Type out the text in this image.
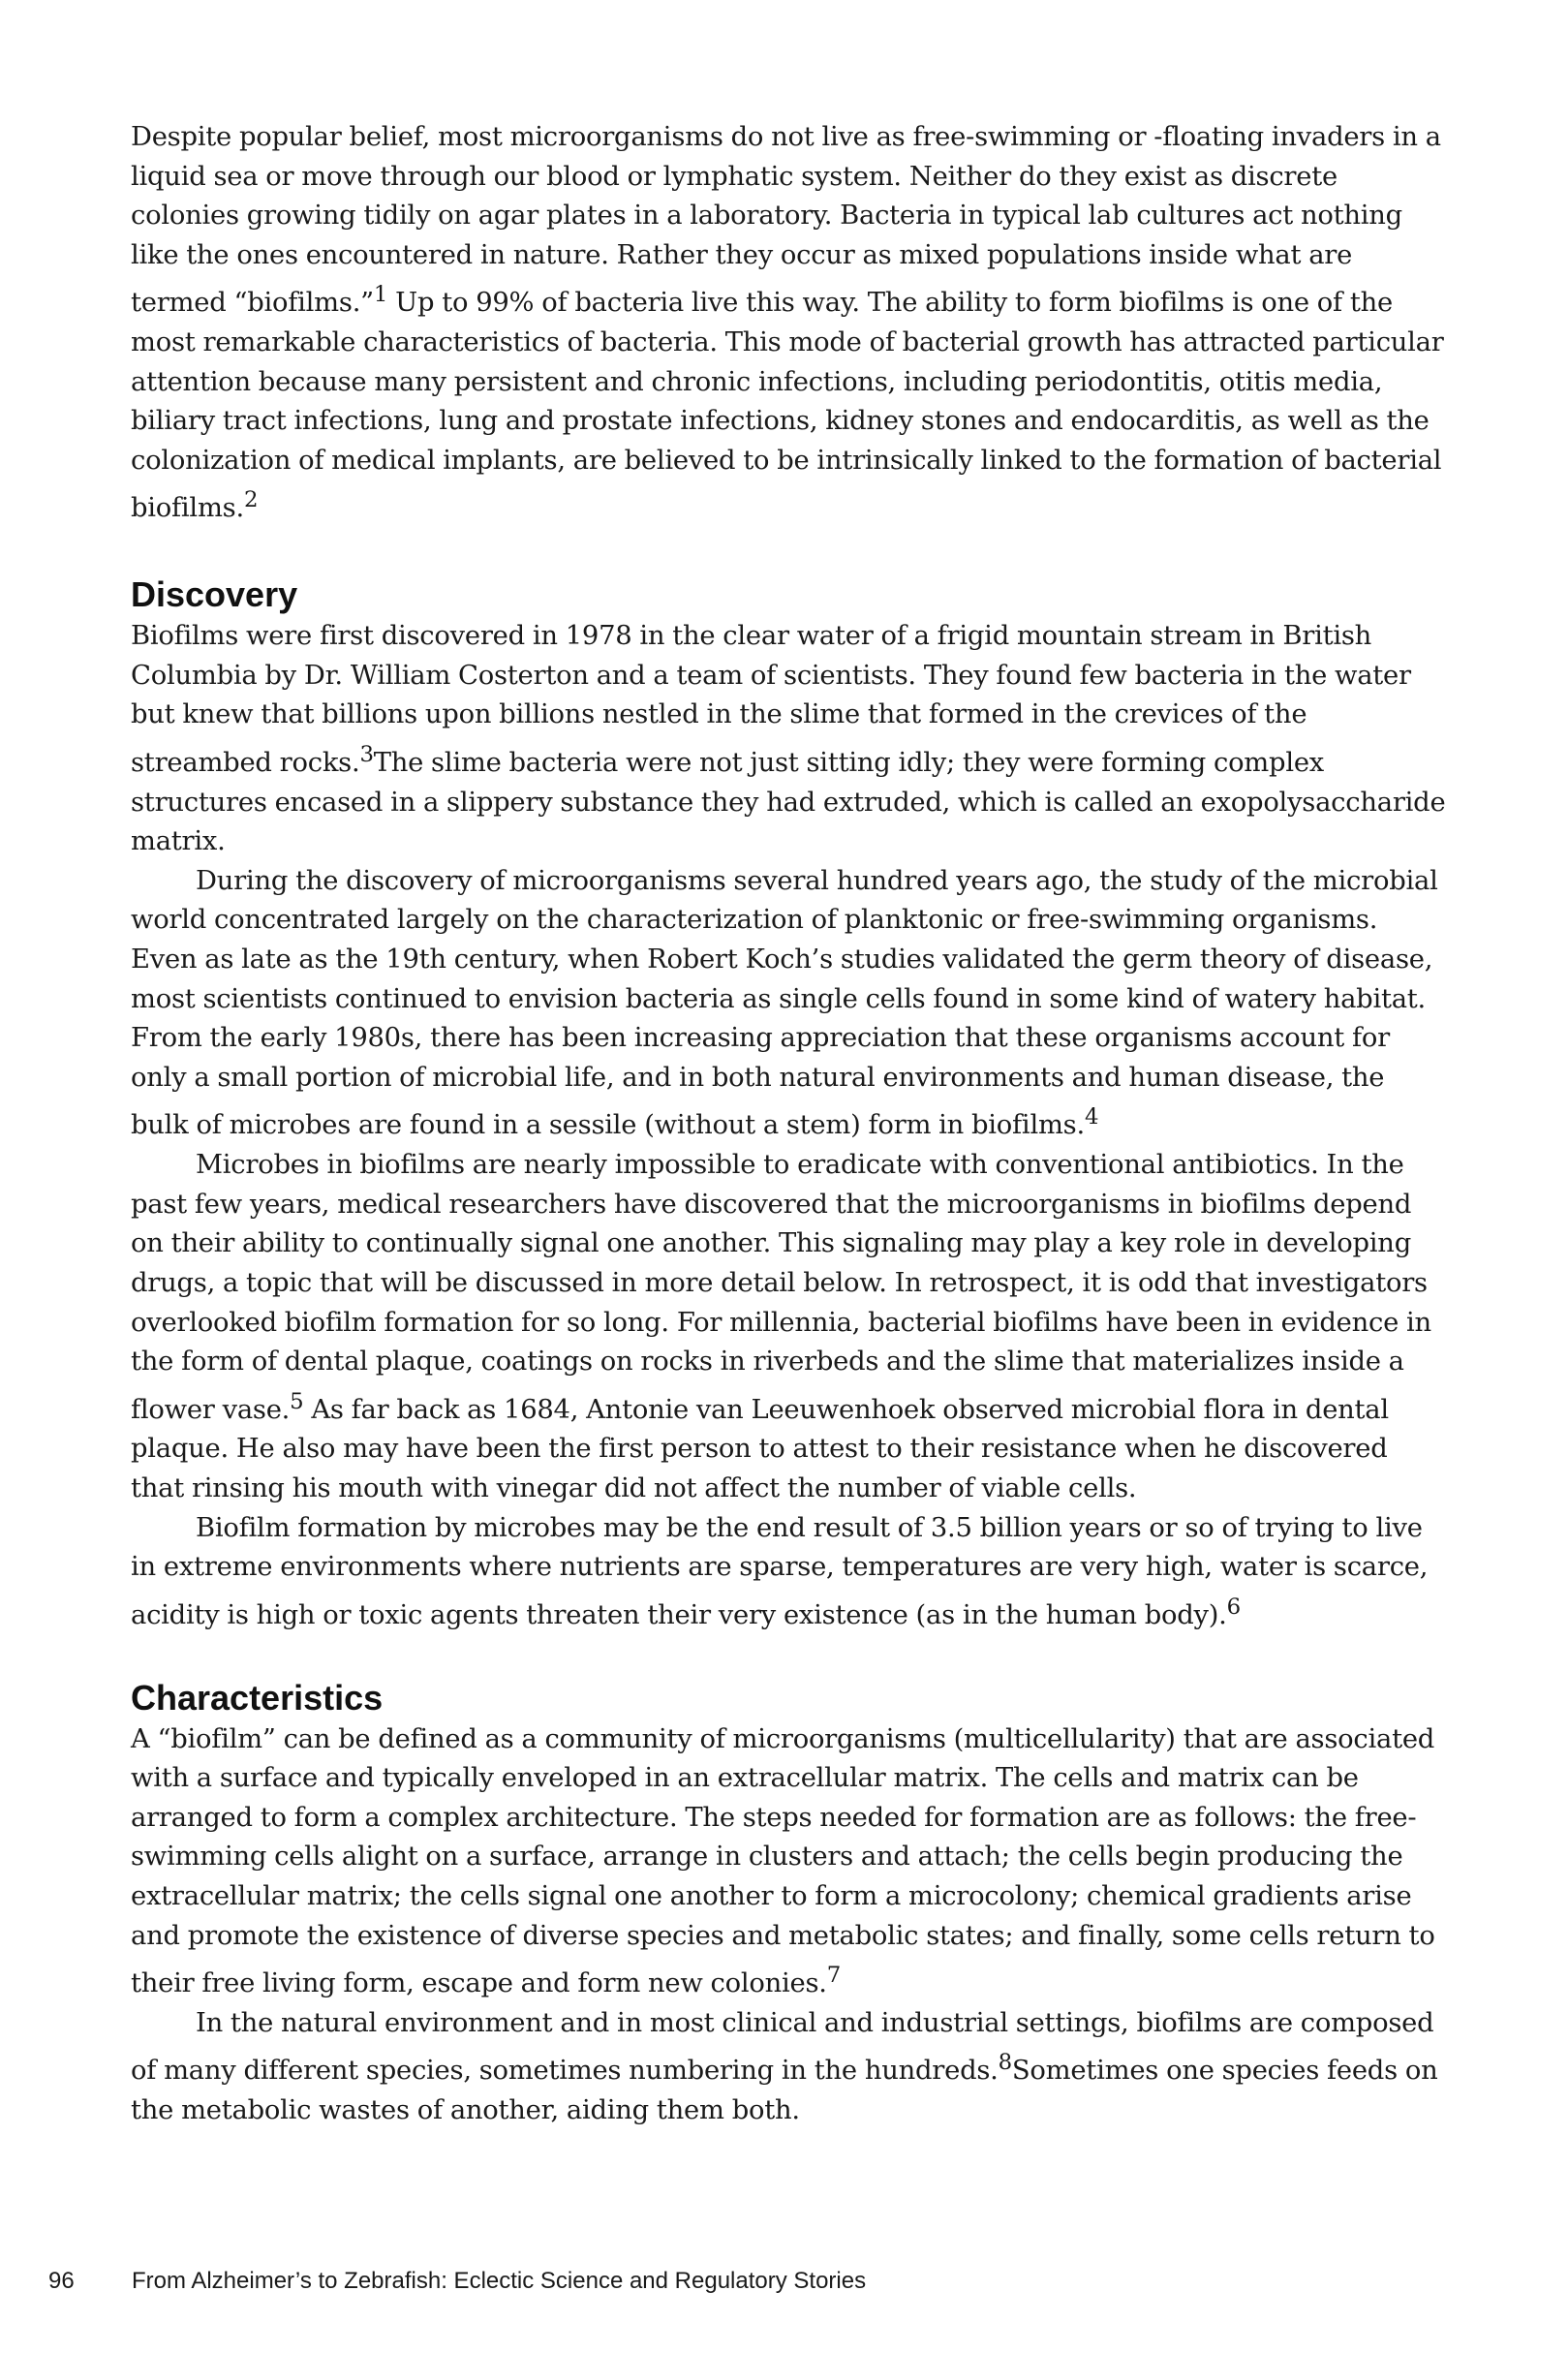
Despite popular belief, most microorganisms do not live as free-swimming or -floating invaders in a liquid sea or move through our blood or lymphatic system. Neither do they exist as discrete colonies growing tidily on agar plates in a laboratory. Bacteria in typical lab cultures act nothing like the ones encountered in nature. Rather they occur as mixed populations inside what are termed “biofilms.”$^1$ Up to 99% of bacteria live this way. The ability to form biofilms is one of the most remarkable characteristics of bacteria. This mode of bacterial growth has attracted particular attention because many persistent and chronic infections, including periodontitis, otitis media, biliary tract infections, lung and prostate infections, kidney stones and endocarditis, as well as the colonization of medical implants, are believed to be intrinsically linked to the formation of bacterial biofilms.$^2$

Discovery

Biofilms were first discovered in 1978 in the clear water of a frigid mountain stream in British Columbia by Dr. William Costerton and a team of scientists. They found few bacteria in the water but knew that billions upon billions nestled in the slime that formed in the crevices of the streambed rocks.$^3$The slime bacteria were not just sitting idly; they were forming complex structures encased in a slippery substance they had extruded, which is called an exopolysaccharide matrix.

During the discovery of microorganisms several hundred years ago, the study of the microbial world concentrated largely on the characterization of planktonic or free-swimming organisms. Even as late as the 19th century, when Robert Koch’s studies validated the germ theory of disease, most scientists continued to envision bacteria as single cells found in some kind of watery habitat. From the early 1980s, there has been increasing appreciation that these organisms account for only a small portion of microbial life, and in both natural environments and human disease, the bulk of microbes are found in a sessile (without a stem) form in biofilms.$^4$

Microbes in biofilms are nearly impossible to eradicate with conventional antibiotics. In the past few years, medical researchers have discovered that the microorganisms in biofilms depend on their ability to continually signal one another. This signaling may play a key role in developing drugs, a topic that will be discussed in more detail below. In retrospect, it is odd that investigators overlooked biofilm formation for so long. For millennia, bacterial biofilms have been in evidence in the form of dental plaque, coatings on rocks in riverbeds and the slime that materializes inside a flower vase.$^5$ As far back as 1684, Antonie van Leeuwenhoek observed microbial flora in dental plaque. He also may have been the first person to attest to their resistance when he discovered that rinsing his mouth with vinegar did not affect the number of viable cells.

Biofilm formation by microbes may be the end result of 3.5 billion years or so of trying to live in extreme environments where nutrients are sparse, temperatures are very high, water is scarce, acidity is high or toxic agents threaten their very existence (as in the human body).$^6$

Characteristics

A “biofilm” can be defined as a community of microorganisms (multicellularity) that are associated with a surface and typically enveloped in an extracellular matrix. The cells and matrix can be arranged to form a complex architecture. The steps needed for formation are as follows: the free-swimming cells alight on a surface, arrange in clusters and attach; the cells begin producing the extracellular matrix; the cells signal one another to form a microcolony; chemical gradients arise and promote the existence of diverse species and metabolic states; and finally, some cells return to their free living form, escape and form new colonies.$^7$

In the natural environment and in most clinical and industrial settings, biofilms are composed of many different species, sometimes numbering in the hundreds.$^8$Sometimes one species feeds on the metabolic wastes of another, aiding them both.

96 From Alzheimer’s to Zebrafish: Eclectic Science and Regulatory Stories
